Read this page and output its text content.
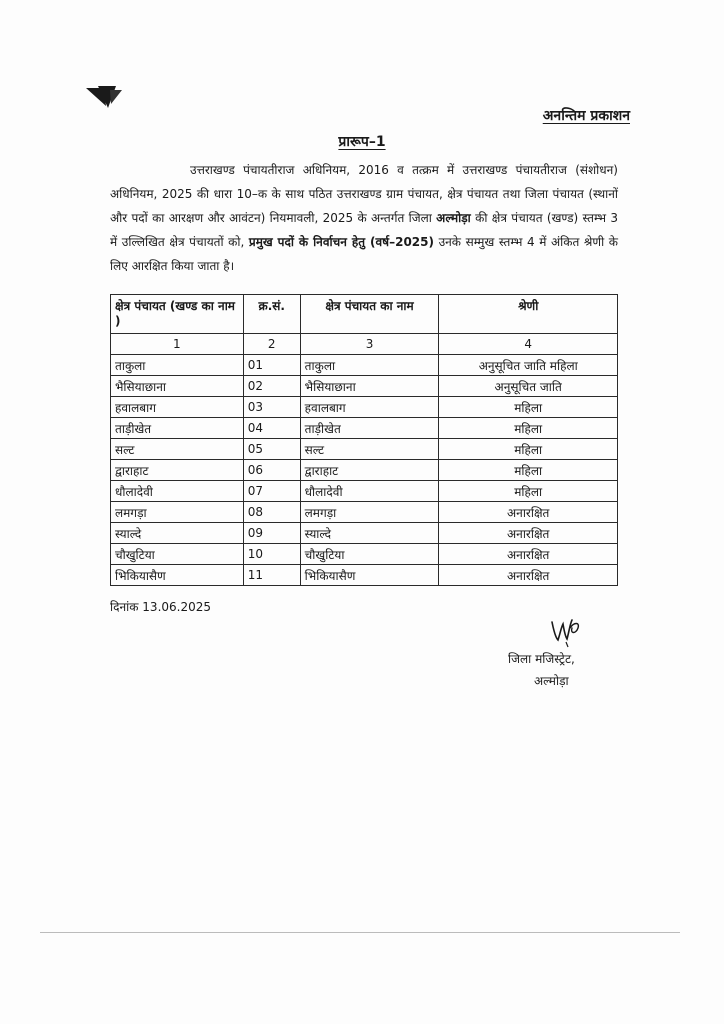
अनन्तिम प्रकाशन
प्रारूप–1
उत्तराखण्ड पंचायतीराज अधिनियम, 2016 व तत्क्रम में उत्तराखण्ड पंचायतीराज (संशोधन) अधिनियम, 2025 की धारा 10–क के साथ पठित उत्तराखण्ड ग्राम पंचायत, क्षेत्र पंचायत तथा जिला पंचायत (स्थानों और पदों का आरक्षण और आवंटन) नियमावली, 2025 के अन्तर्गत जिला अल्मोड़ा की क्षेत्र पंचायत (खण्ड) स्तम्भ 3 में उल्लिखित क्षेत्र पंचायतों को, प्रमुख पदों के निर्वाचन हेतु (वर्ष–2025) उनके सम्मुख स्तम्भ 4 में अंकित श्रेणी के लिए आरक्षित किया जाता है।
क्षेत्र पंचायत (खण्ड का नाम )	क्र.सं.	क्षेत्र पंचायत का नाम	श्रेणी
1	2	3	4
ताकुला	01	ताकुला	अनुसूचित जाति महिला
भैसियाछाना	02	भैसियाछाना	अनुसूचित जाति
हवालबाग	03	हवालबाग	महिला
ताड़ीखेत	04	ताड़ीखेत	महिला
सल्ट	05	सल्ट	महिला
द्वाराहाट	06	द्वाराहाट	महिला
धौलादेवी	07	धौलादेवी	महिला
लमगड़ा	08	लमगड़ा	अनारक्षित
स्याल्दे	09	स्याल्दे	अनारक्षित
चौखुटिया	10	चौखुटिया	अनारक्षित
भिकियासैण	11	भिकियासैण	अनारक्षित
दिनांक 13.06.2025
जिला मजिस्ट्रेट,
अल्मोड़ा
